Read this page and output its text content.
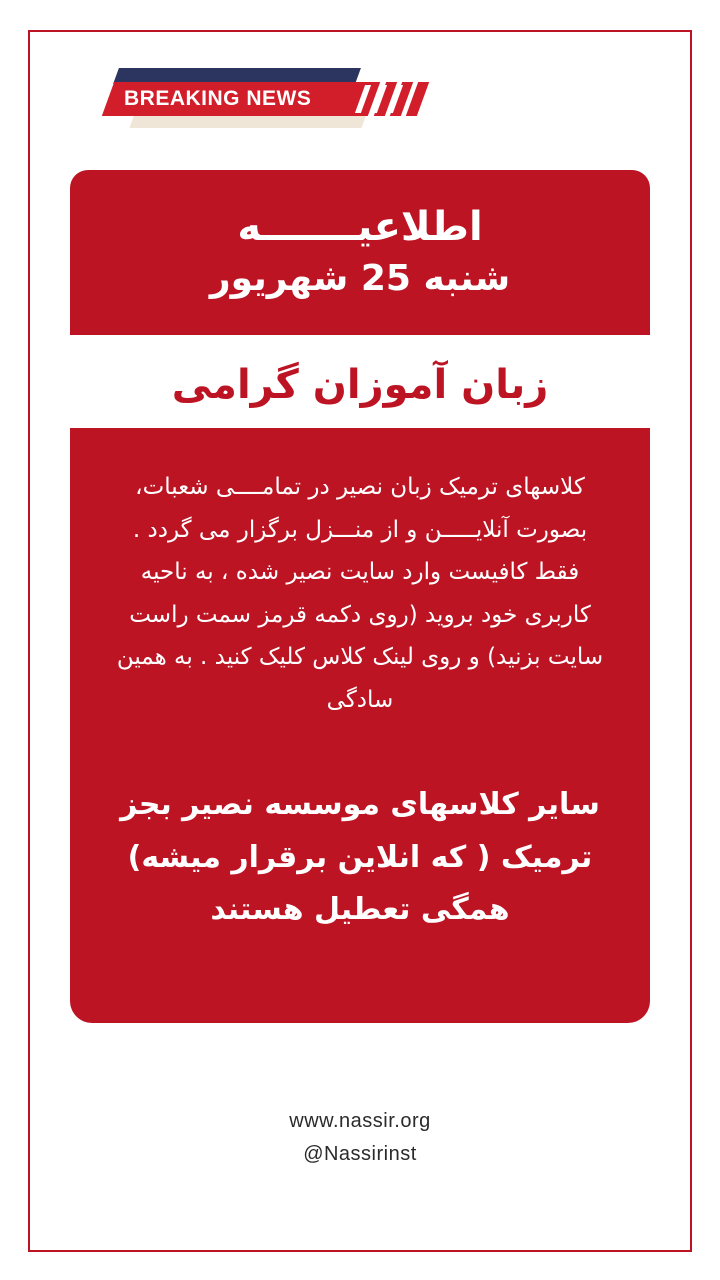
BREAKING NEWS
اطلاعیـــــــه
شنبه 25 شهریور
زبان آموزان گرامی
کلاسهای ترمیک زبان نصیر در تمامــــی شعبات، بصورت آنلایـــــن و از منـــزل برگزار می گردد .
فقط کافیست وارد سایت نصیر شده ، به ناحیه کاربری خود بروید (روی دکمه قرمز سمت راست سایت بزنید) و روی لینک کلاس کلیک کنید . به همین سادگی
سایر کلاسهای موسسه نصیر بجز ترمیک ( که انلاین برقرار میشه) همگی تعطیل هستند
www.nassir.org
@Nassirinst
